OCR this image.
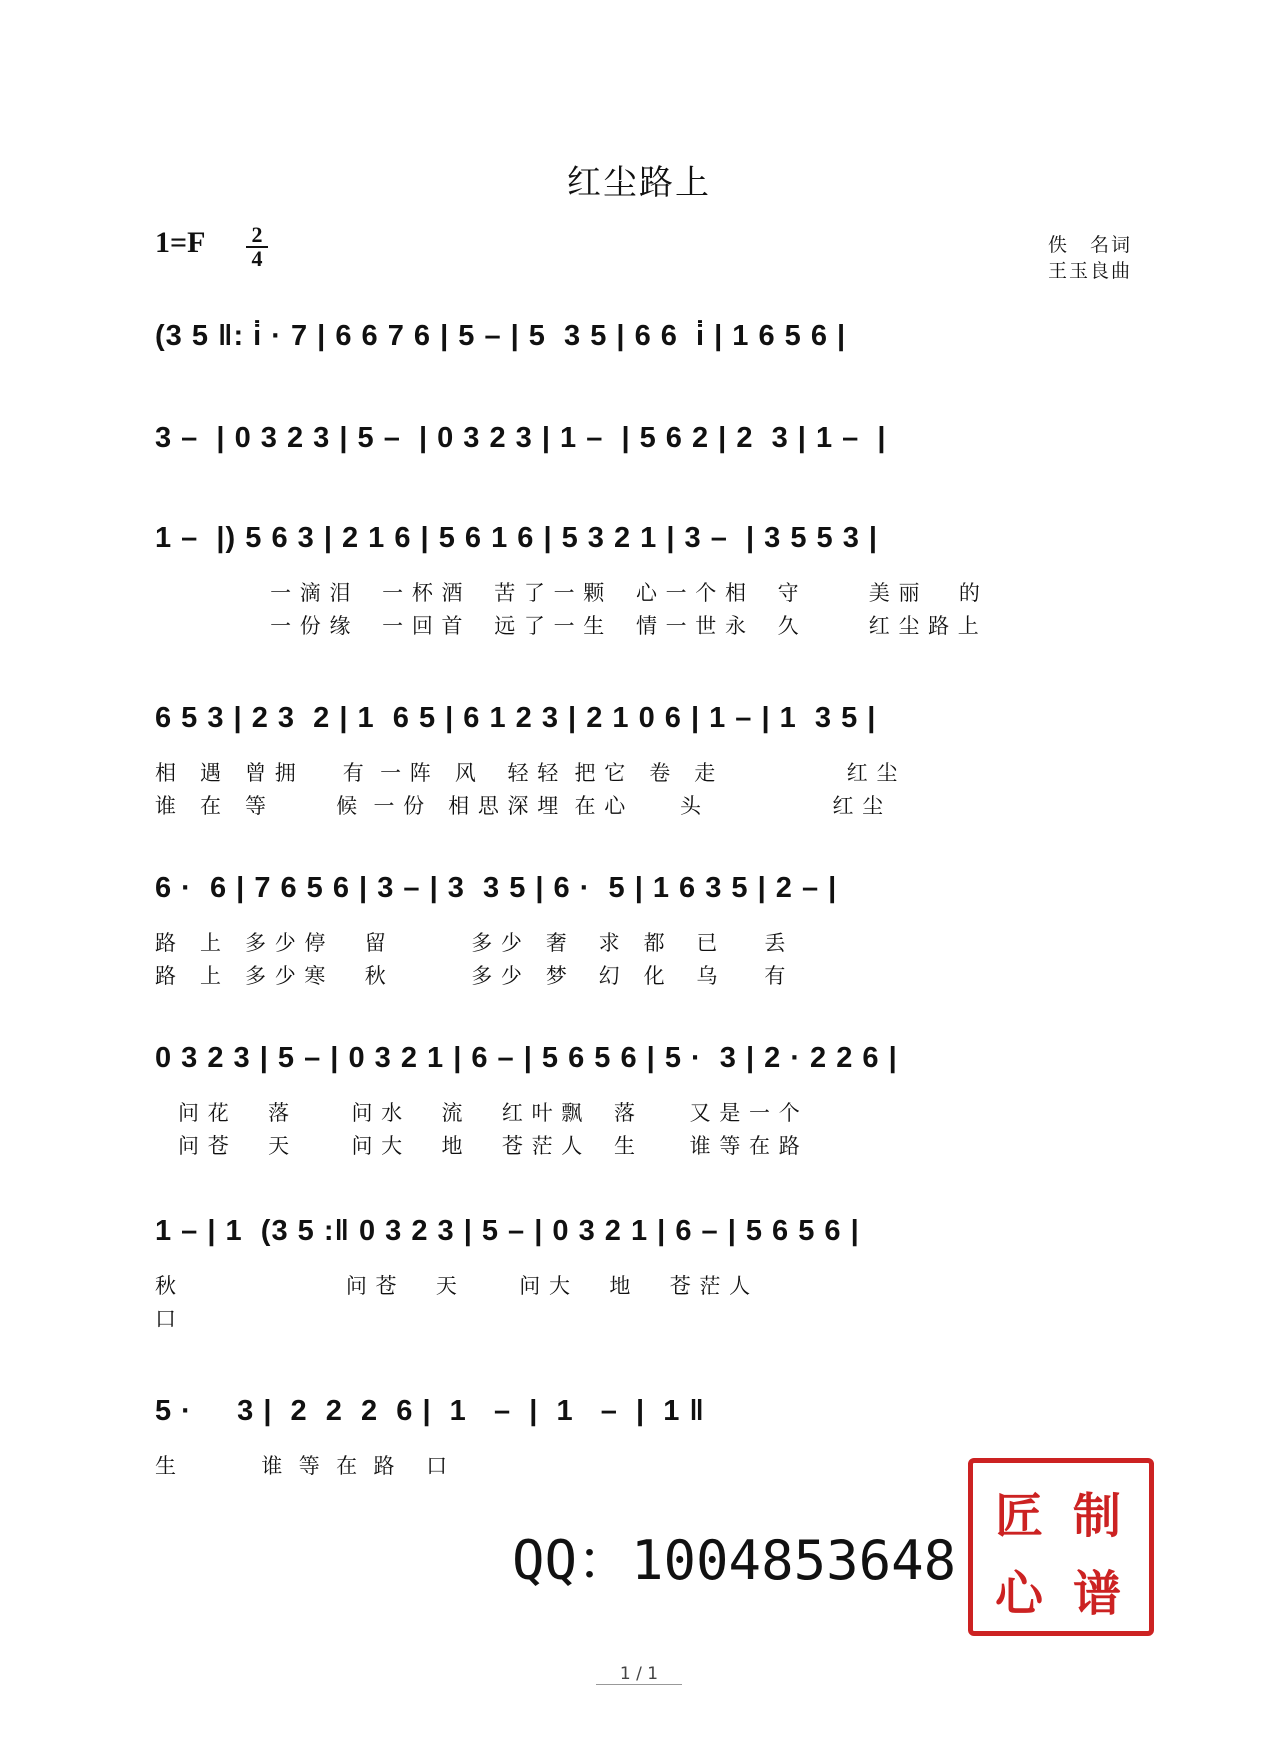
红尘路上
1=F	2
4
佚　名词
王玉良曲
(3 5 ‖: i̇ · 7 | 6 6 7 6 | 5 – | 5  3 5 | 6 6  i̇ | 1 6 5 6 |
3 –  | 0 3 2 3 | 5 –  | 0 3 2 3 | 1 –  | 5 6 2 | 2  3 | 1 –  |
1 –  |) 5 6 3 | 2 1 6 | 5 6 1 6 | 5 3 2 1 | 3 –  | 3 5 5 3 |
一 滴 泪    一 杯 酒    苦 了 一 颗    心 一 个 相    守         美 丽     的
一 份 缘    一 回 首    远 了 一 生    情 一 世 永    久         红 尘 路 上
6 5 3 | 2 3  2 | 1  6 5 | 6 1 2 3 | 2 1 0 6 | 1 – | 1  3 5 |
相   遇   曾 拥      有  一 阵   风    轻 轻  把 它   卷   走                 红 尘
谁   在   等         候  一 份   相 思 深 埋  在 心       头                 红 尘
6 ·  6 | 7 6 5 6 | 3 – | 3  3 5 | 6 ·  5 | 1 6 3 5 | 2 – |
路   上   多 少 停     留           多 少   奢    求   都    已      丢
路   上   多 少 寒     秋           多 少   梦    幻   化    乌      有
0 3 2 3 | 5 – | 0 3 2 1 | 6 – | 5 6 5 6 | 5 ·  3 | 2 · 2 2 6 |
问 花     落        问 水     流     红 叶 飘    落       又 是 一 个
问 苍     天        问 大     地     苍 茫 人    生       谁 等 在 路
1 – | 1  (3 5 :‖ 0 3 2 3 | 5 – | 0 3 2 1 | 6 – | 5 6 5 6 |
秋                      问 苍     天        问 大     地     苍 茫 人
口
5 ·     3 |  2  2  2  6 |  1   –  |  1   –  |  1 ‖
生           谁  等  在  路    口
QQ：1004853648
匠 制
心 谱
1 / 1
